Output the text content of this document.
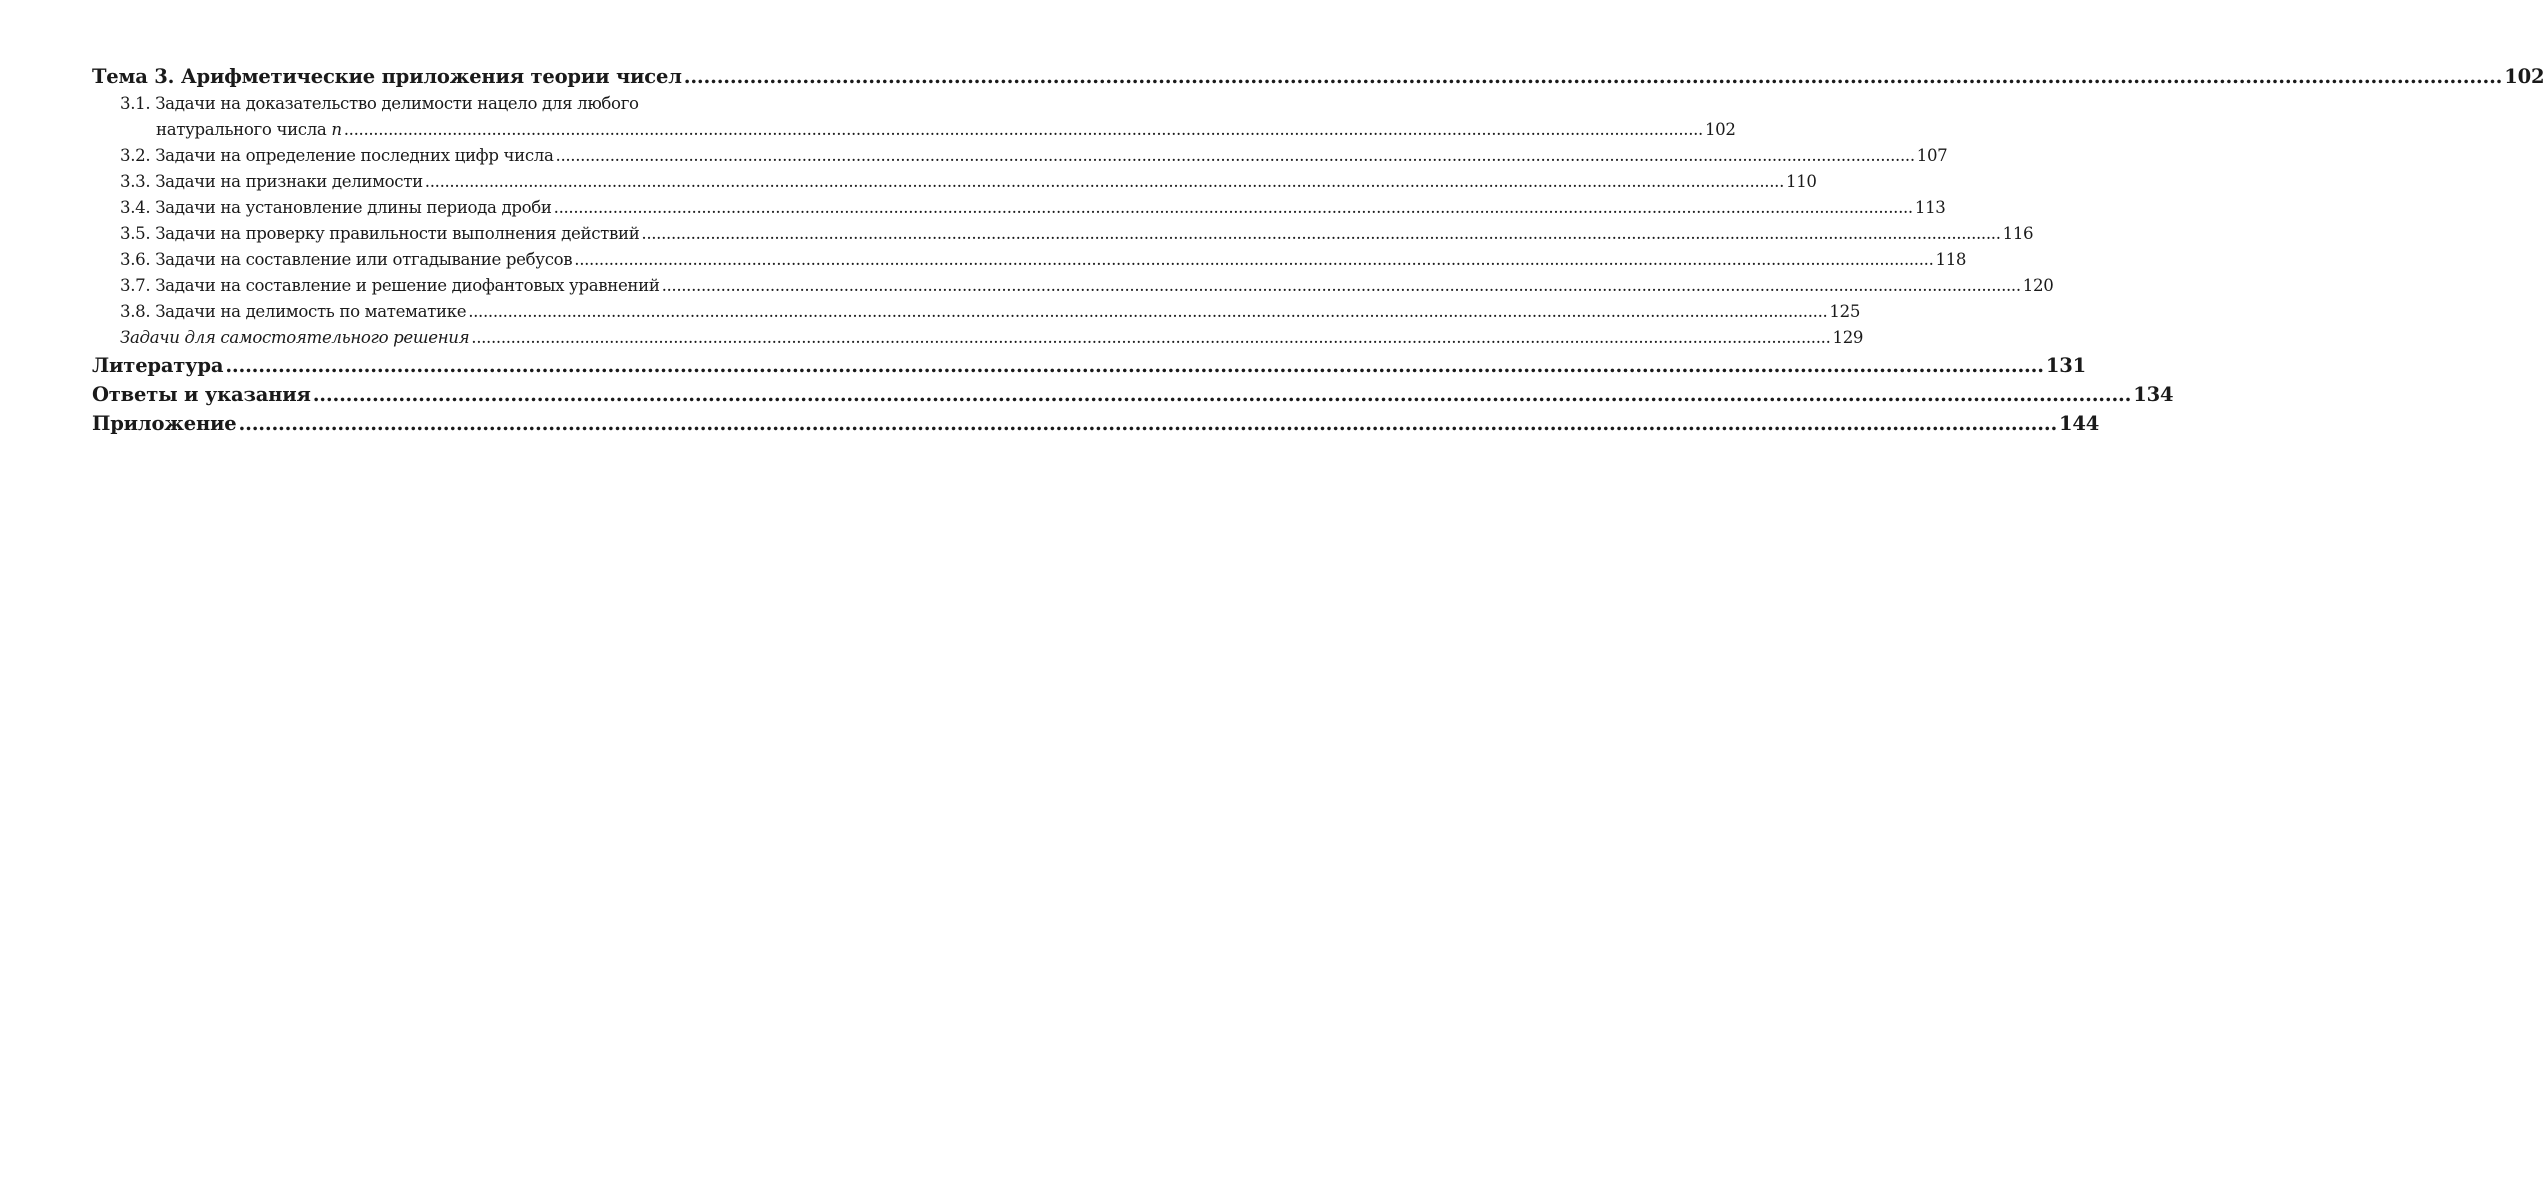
Тема 3. Арифметические приложения теории чисел .....	102
3.1. Задачи на доказательство делимости нацело для любого
натурального числа n .....	102
3.2. Задачи на определение последних цифр числа .....	107
3.3. Задачи на признаки делимости .....	110
3.4. Задачи на установление длины периода дроби .....	113
3.5. Задачи на проверку правильности выполнения действий .....	116
3.6. Задачи на составление или отгадывание ребусов .....	118
3.7. Задачи на составление и решение диофантовых уравнений .....	120
3.8. Задачи на делимость по математике .....	125
Задачи для самостоятельного решения .....	129
Литература .....	131
Ответы и указания .....	134
Приложение .....	144
